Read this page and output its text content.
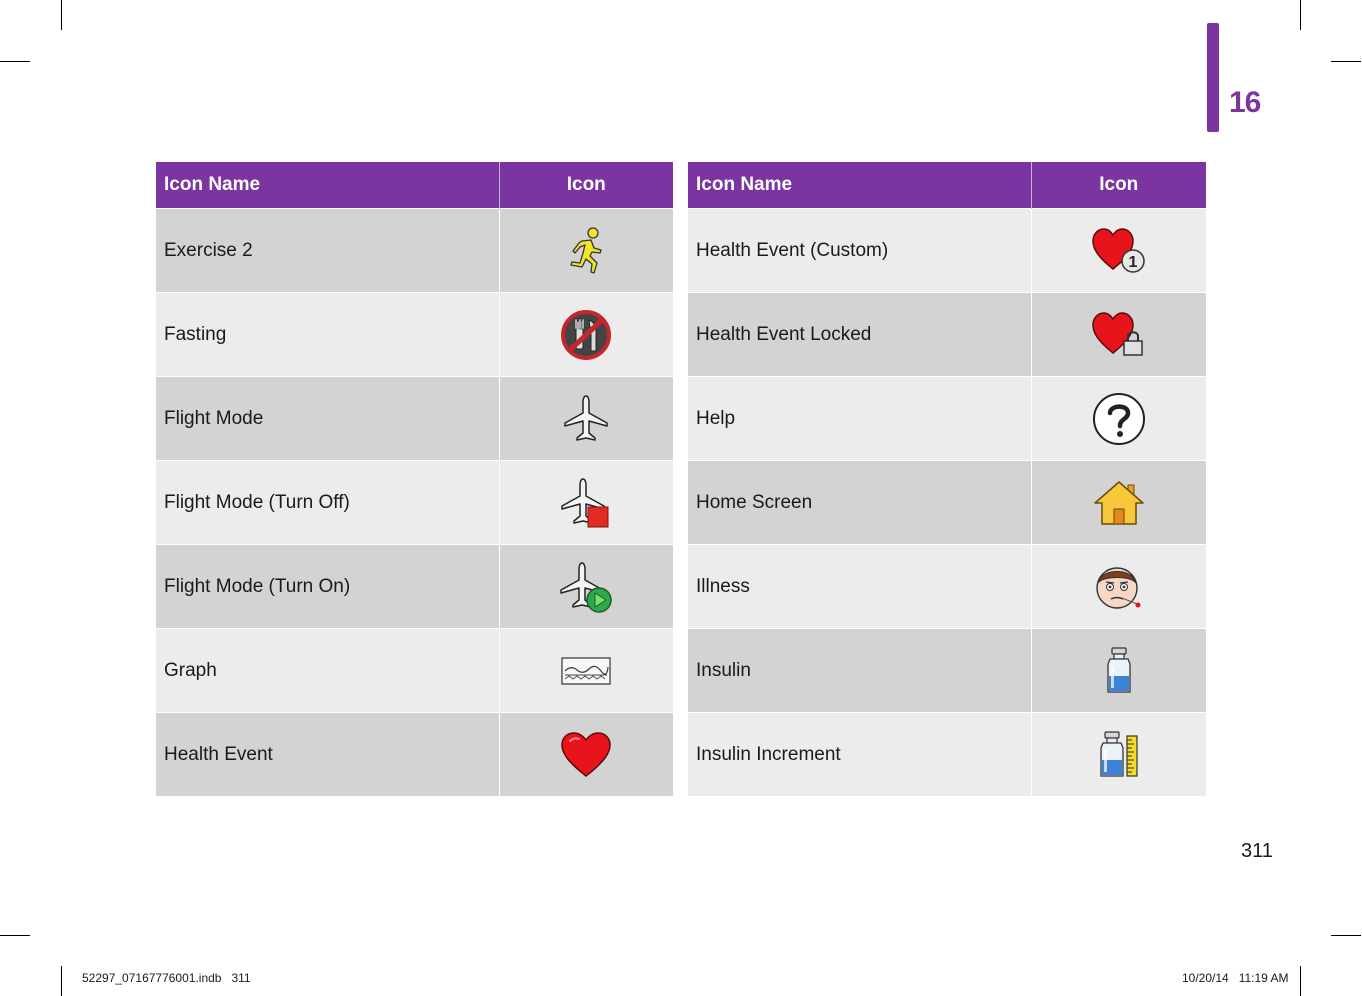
16
Icon Name	Icon
Exercise 2	
Fasting	
Flight Mode	
Flight Mode (Turn Off)	
Flight Mode (Turn On)	
Graph	
Health Event	
Icon Name	Icon
Health Event (Custom)	1

Health Event Locked	
Help	
Home Screen	
Illness	
Insulin	
Insulin Increment	
311
52297_07167776001.indb   311	10/20/14   11:19 AM
